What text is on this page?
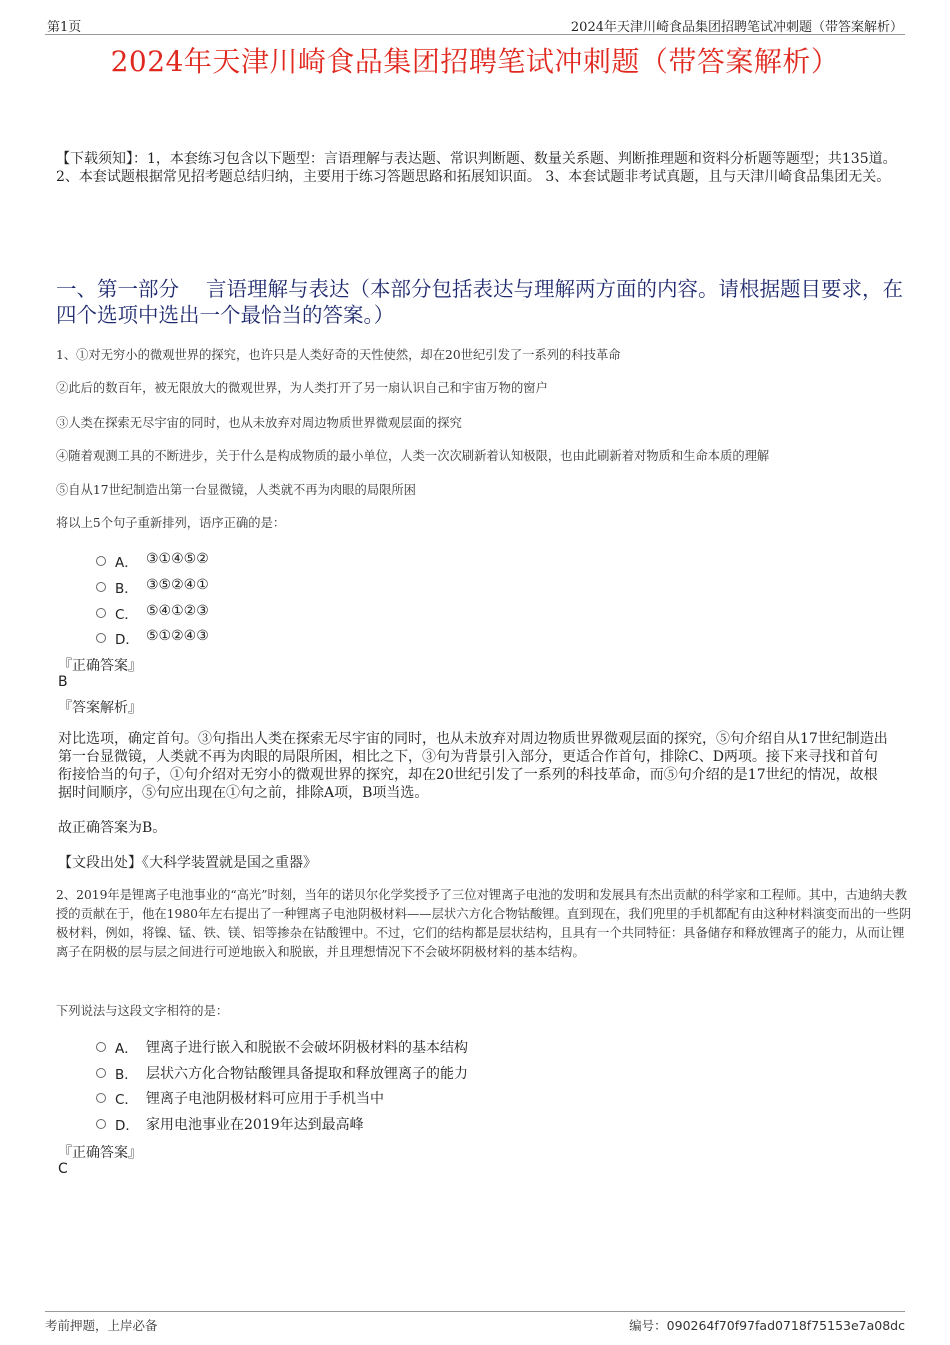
第1页	2024年天津川崎食品集团招聘笔试冲刺题（带答案解析）
2024年天津川崎食品集团招聘笔试冲刺题（带答案解析）
【下载须知】：1，本套练习包含以下题型：言语理解与表达题、常识判断题、数量关系题、判断推理题和资料分析题等题型；共135道。 2、本套试题根据常见招考题总结归纳，主要用于练习答题思路和拓展知识面。 3、本套试题非考试真题，且与天津川崎食品集团无关。
一、第一部分　 言语理解与表达（本部分包括表达与理解两方面的内容。请根据题目要求，在四个选项中选出一个最恰当的答案。）
1、①对无穷小的微观世界的探究，也许只是人类好奇的天性使然，却在20世纪引发了一系列的科技革命
②此后的数百年，被无限放大的微观世界，为人类打开了另一扇认识自己和宇宙万物的窗户
③人类在探索无尽宇宙的同时，也从未放弃对周边物质世界微观层面的探究
④随着观测工具的不断进步，关于什么是构成物质的最小单位，人类一次次刷新着认知极限，也由此刷新着对物质和生命本质的理解
⑤自从17世纪制造出第一台显微镜，人类就不再为肉眼的局限所困
将以上5个句子重新排列，语序正确的是：
A． ③①④⑤②
B． ③⑤②④①
C． ⑤④①②③
D． ⑤①②④③
『正确答案』
B
『答案解析』
对比选项，确定首句。③句指出人类在探索无尽宇宙的同时，也从未放弃对周边物质世界微观层面的探究，⑤句介绍自从17世纪制造出第一台显微镜，人类就不再为肉眼的局限所困，相比之下，③句为背景引入部分，更适合作首句，排除C、D两项。接下来寻找和首句衔接恰当的句子，①句介绍对无穷小的微观世界的探究，却在20世纪引发了一系列的科技革命，而⑤句介绍的是17世纪的情况，故根据时间顺序，⑤句应出现在①句之前，排除A项，B项当选。
故正确答案为B。
【文段出处】《大科学装置就是国之重器》
2、2019年是锂离子电池事业的“高光”时刻，当年的诺贝尔化学奖授予了三位对锂离子电池的发明和发展具有杰出贡献的科学家和工程师。其中，古迪纳夫教授的贡献在于，他在1980年左右提出了一种锂离子电池阴极材料——层状六方化合物钴酸锂。直到现在，我们兜里的手机都配有由这种材料演变而出的一些阴极材料，例如，将镍、锰、铁、镁、铝等掺杂在钴酸锂中。不过，它们的结构都是层状结构，且具有一个共同特征：具备储存和释放锂离子的能力，从而让锂离子在阴极的层与层之间进行可逆地嵌入和脱嵌，并且理想情况下不会破坏阴极材料的基本结构。
下列说法与这段文字相符的是：
A． 锂离子进行嵌入和脱嵌不会破坏阴极材料的基本结构
B． 层状六方化合物钴酸锂具备提取和释放锂离子的能力
C． 锂离子电池阴极材料可应用于手机当中
D． 家用电池事业在2019年达到最高峰
『正确答案』
C
考前押题，上岸必备	编号：090264f70f97fad0718f75153e7a08dc
